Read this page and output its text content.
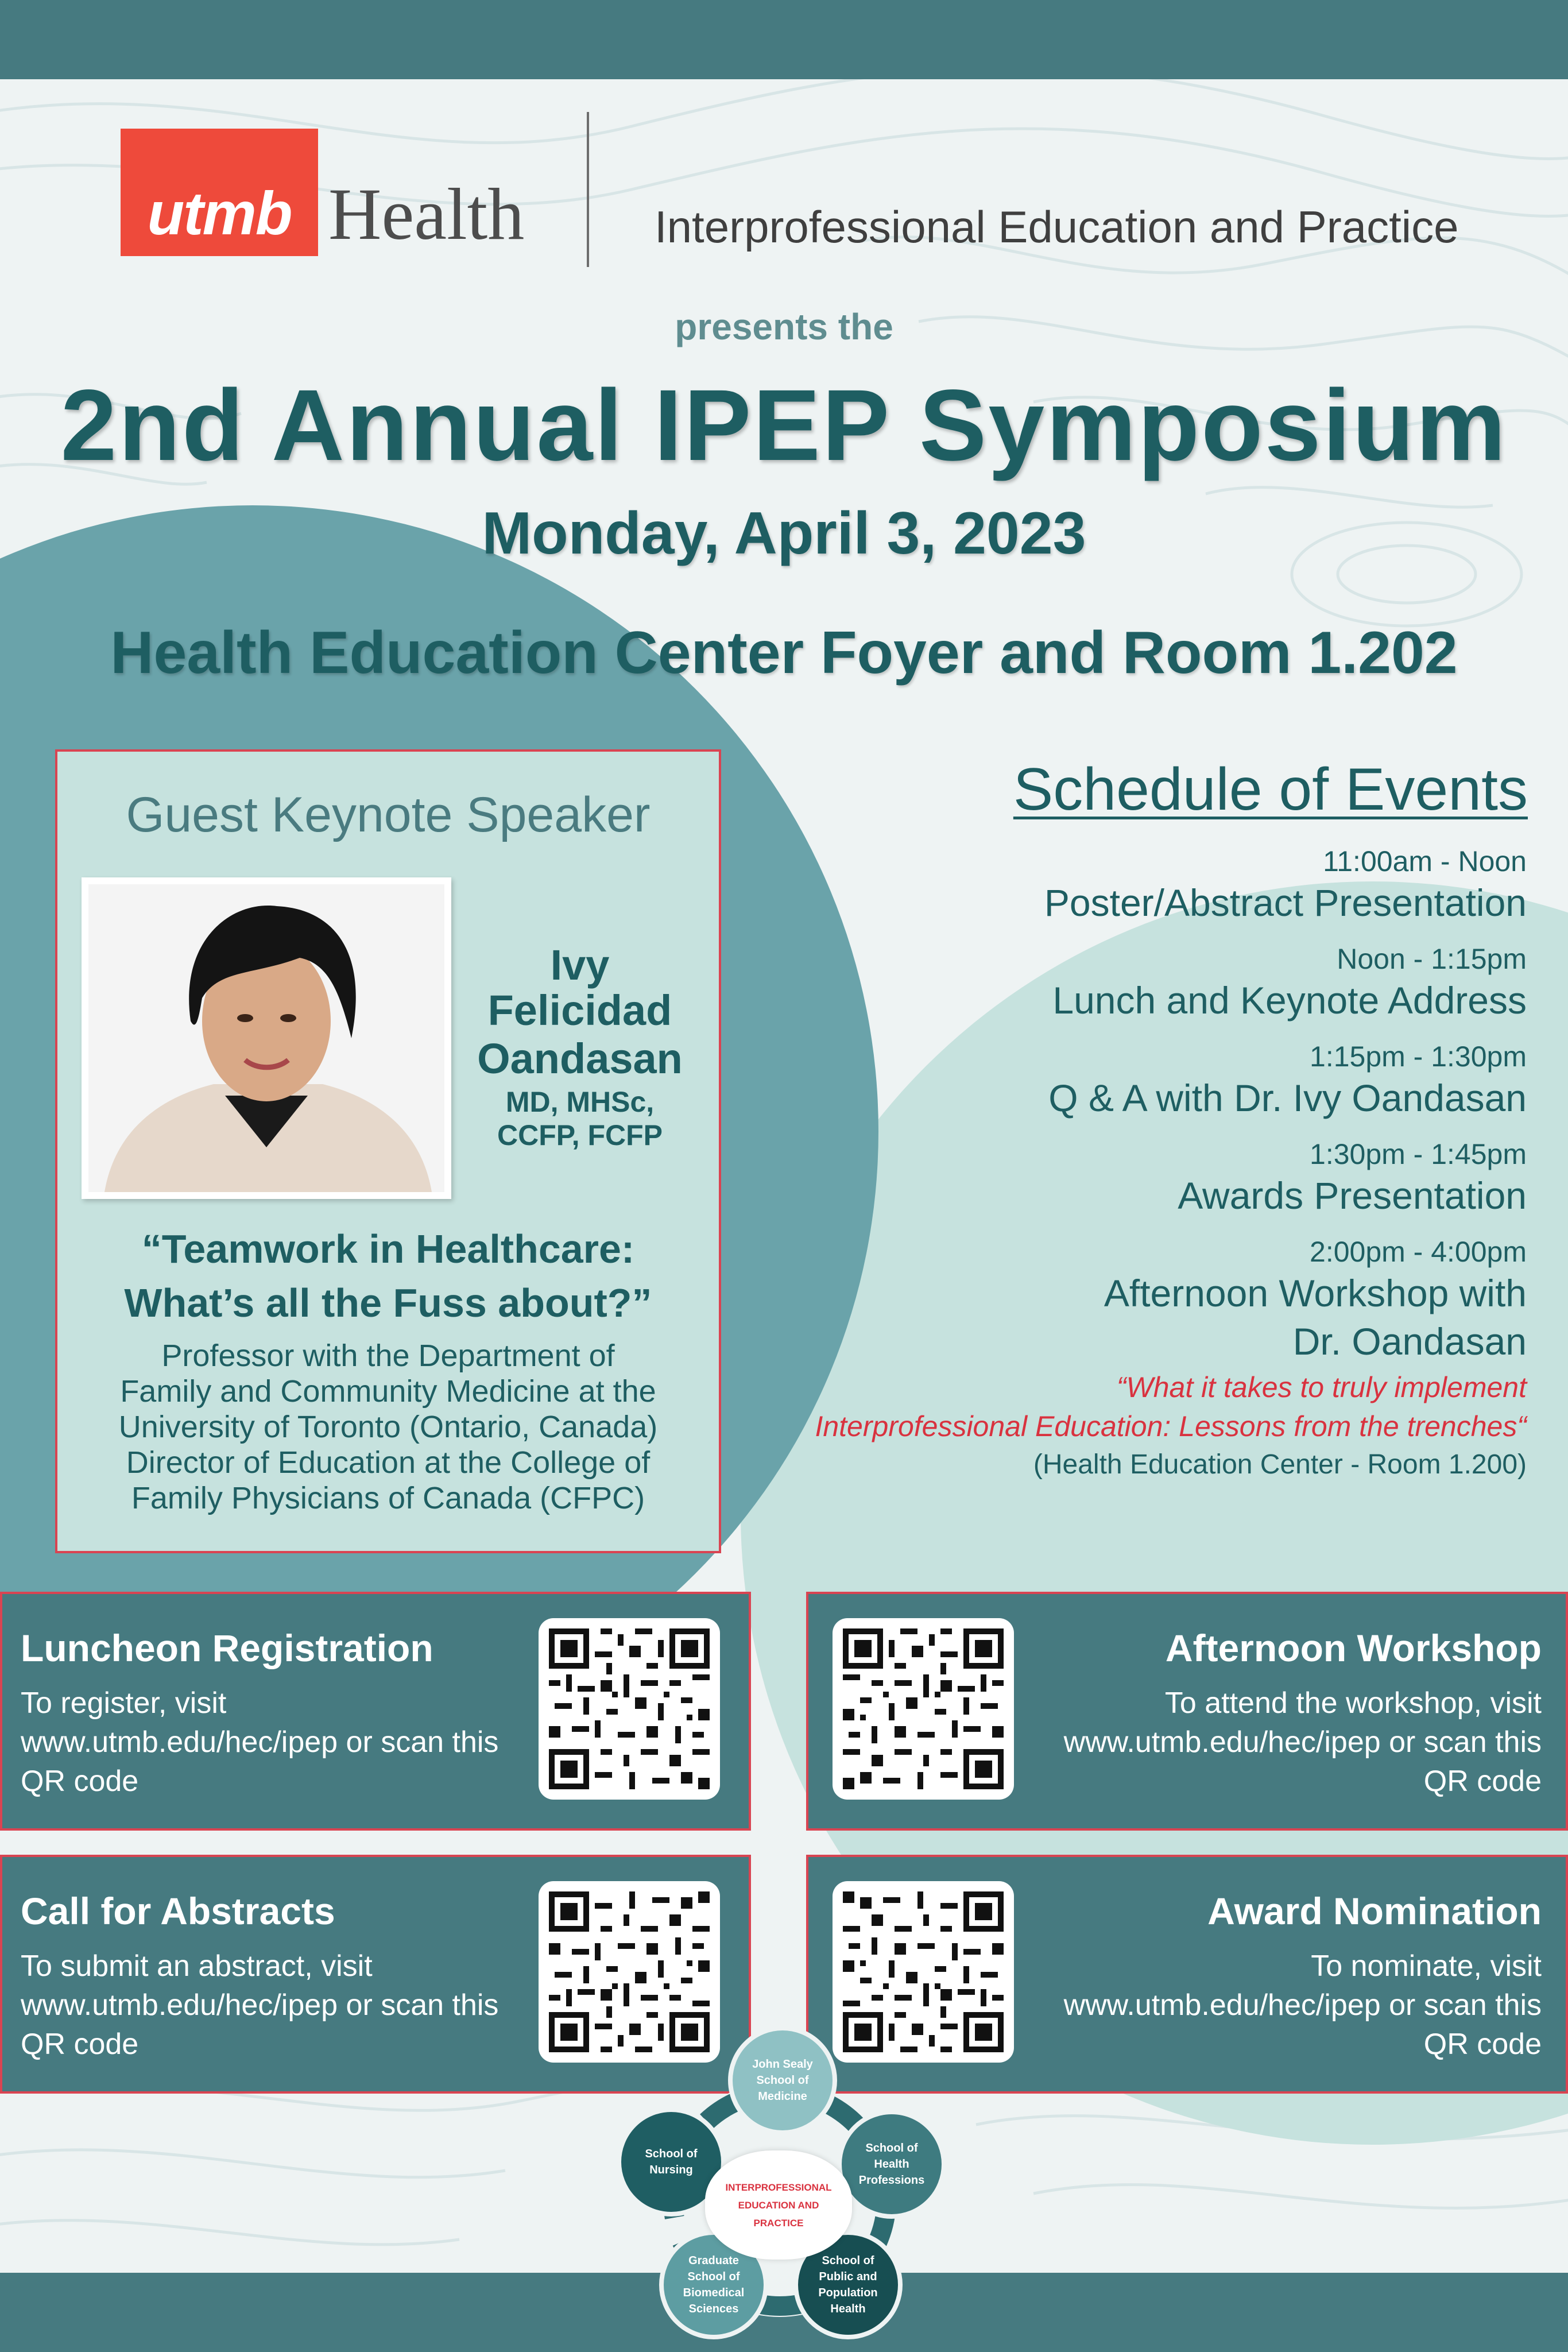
utmb Health	Interprofessional Education and Practice
presents the
2nd Annual IPEP Symposium
Monday, April 3, 2023
Health Education Center Foyer and Room 1.202
Guest Keynote Speaker
Ivy
Felicidad
Oandasan
MD, MHSc,
CCFP, FCFP
“Teamwork in Healthcare:
What’s all the Fuss about?”
Professor with the Department of
Family and Community Medicine at the
University of Toronto (Ontario, Canada)
Director of Education at the College of
Family Physicians of Canada (CFPC)
Schedule of Events
11:00am - Noon
Poster/Abstract Presentation
Noon - 1:15pm
Lunch and Keynote Address
1:15pm - 1:30pm
Q & A with Dr. Ivy Oandasan
1:30pm - 1:45pm
Awards Presentation
2:00pm - 4:00pm
Afternoon Workshop with
Dr. Oandasan
“What it takes to truly implement
Interprofessional Education: Lessons from the trenches“
(Health Education Center - Room 1.200)
Luncheon Registration
To register, visit
www.utmb.edu/hec/ipep or scan this
QR code
Afternoon Workshop
To attend the workshop, visit
www.utmb.edu/hec/ipep or scan this
QR code
Call for Abstracts
To submit an abstract, visit
www.utmb.edu/hec/ipep or scan this
QR code
Award Nomination
To nominate, visit
www.utmb.edu/hec/ipep or scan this
QR code
John Sealy
School of
Medicine
School of
Nursing
School of
Health
Professions
Graduate
School of
Biomedical
Sciences
School of
Public and
Population
Health
INTERPROFESSIONAL
EDUCATION AND
PRACTICE
